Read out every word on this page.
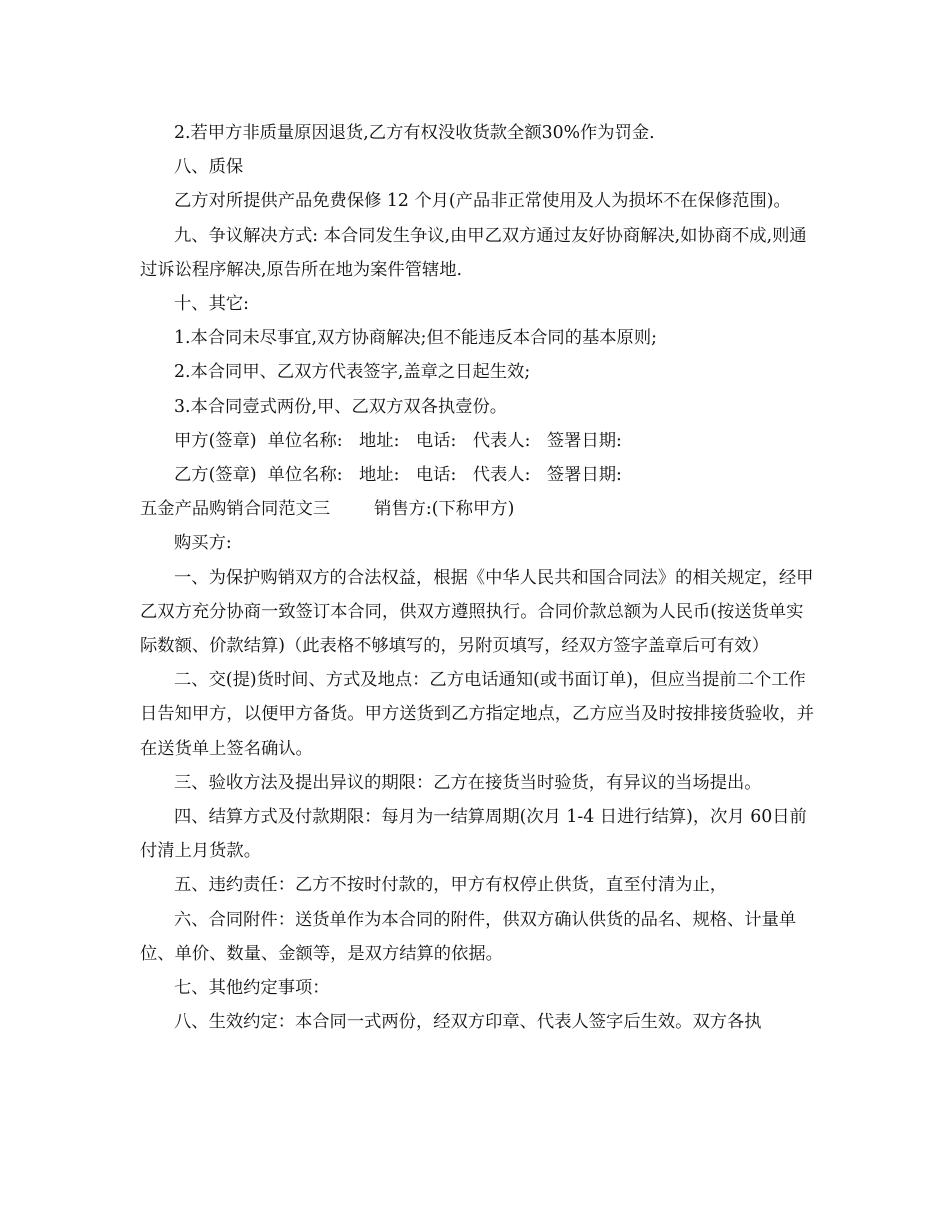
2.若甲方非质量原因退货,乙方有权没收货款全额30%作为罚金.

八、质保

乙方对所提供产品免费保修 12 个月(产品非正常使用及人为损坏不在保修范围)。

九、争议解决方式: 本合同发生争议,由甲乙双方通过友好协商解决,如协商不成,则通过诉讼程序解决,原告所在地为案件管辖地.

十、其它:

1.本合同未尽事宜,双方协商解决;但不能违反本合同的基本原则;

2.本合同甲、乙双方代表签字,盖章之日起生效;

3.本合同壹式两份,甲、乙双方双各执壹份。

甲方(签章)  单位名称:   地址:   电话:   代表人:   签署日期:

乙方(签章)  单位名称:   地址:   电话:   代表人:   签署日期:

五金产品购销合同范文三        销售方:(下称甲方)

购买方:

一、为保护购销双方的合法权益，根据《中华人民共和国合同法》的相关规定，经甲乙双方充分协商一致签订本合同，供双方遵照执行。合同价款总额为人民币(按送货单实际数额、价款结算)（此表格不够填写的，另附页填写，经双方签字盖章后可有效）

二、交(提)货时间、方式及地点：乙方电话通知(或书面订单)，但应当提前二个工作日告知甲方，以便甲方备货。甲方送货到乙方指定地点，乙方应当及时按排接货验收，并在送货单上签名确认。

三、验收方法及提出异议的期限：乙方在接货当时验货，有异议的当场提出。

四、结算方式及付款期限：每月为一结算周期(次月 1-4 日进行结算)，次月 60日前付清上月货款。

五、违约责任：乙方不按时付款的，甲方有权停止供货，直至付清为止，

六、合同附件：送货单作为本合同的附件，供双方确认供货的品名、规格、计量单位、单价、数量、金额等，是双方结算的依据。

七、其他约定事项：

八、生效约定：本合同一式两份，经双方印章、代表人签字后生效。双方各执
